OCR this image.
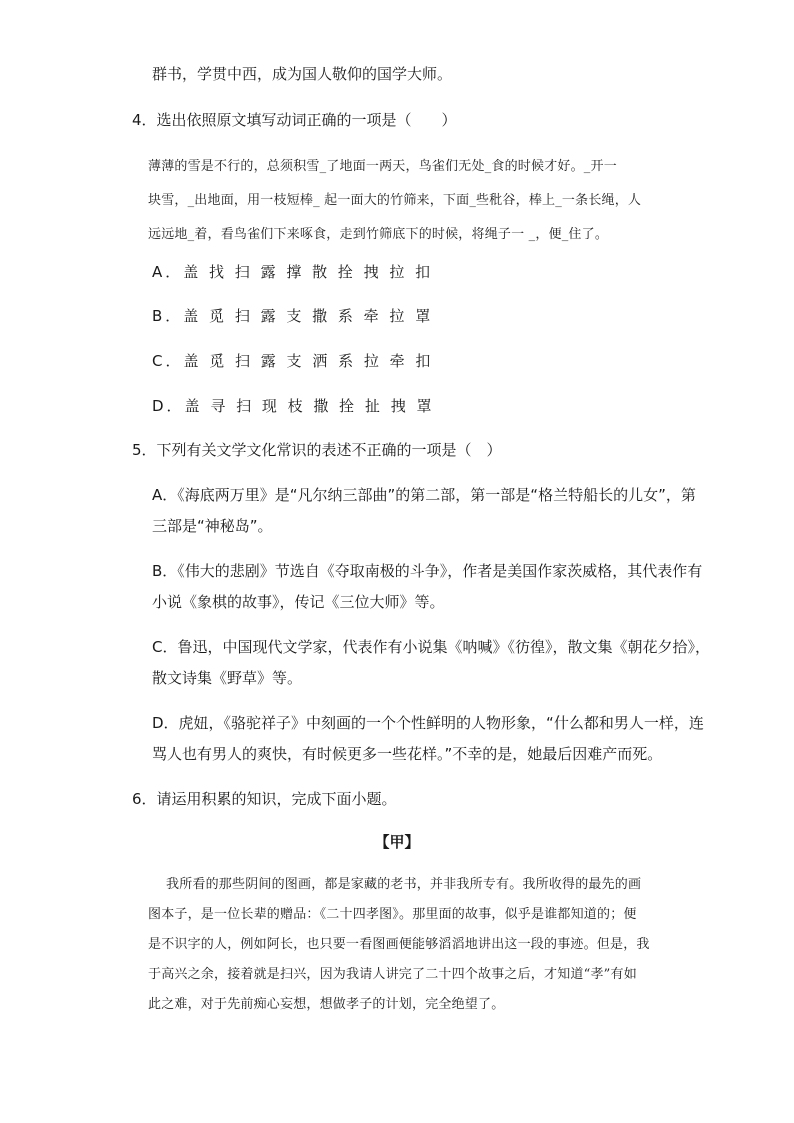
群书，学贯中西，成为国人敬仰的国学大师。
4．选出依照原文填写动词正确的一项是（　　）

薄薄的雪是不行的，总须积雪_了地面一两天，鸟雀们无处_食的时候才好。_开一

块雪，_出地面，用一枝短棒_ 起一面大的竹筛来，下面_些秕谷，棒上_一条长绳，人

远远地_着，看鸟雀们下来啄食，走到竹筛底下的时候，将绳子一 _，便_住了。

A．盖 找 扫 露 撑 散 拴 拽 拉 扣
B．盖 觅 扫 露 支 撒 系 牵 拉 罩
C．盖 觅 扫 露 支 洒 系 拉 牵 扣
D．盖 寻 扫 现 枝 撒 拴 扯 拽 罩
5．下列有关文学文化常识的表述不正确的一项是（　）
A．《海底两万里》是“凡尔纳三部曲”的第二部，第一部是“格兰特船长的儿女”，第
三部是“神秘岛”。
B．《伟大的悲剧》节选自《夺取南极的斗争》，作者是美国作家茨威格，其代表作有
小说《象棋的故事》，传记《三位大师》等。
C．鲁迅，中国现代文学家，代表作有小说集《呐喊》《彷徨》，散文集《朝花夕拾》，
散文诗集《野草》等。
D．虎妞，《骆驼祥子》中刻画的一个个性鲜明的人物形象，“什么都和男人一样，连
骂人也有男人的爽快，有时候更多一些花样。”不幸的是，她最后因难产而死。
6．请运用积累的知识，完成下面小题。
【甲】

我所看的那些阴间的图画，都是家藏的老书，并非我所专有。我所收得的最先的画

图本子，是一位长辈的赠品：《二十四孝图》。那里面的故事，似乎是谁都知道的；便

是不识字的人，例如阿长，也只要一看图画便能够滔滔地讲出这一段的事迹。但是，我

于高兴之余，接着就是扫兴，因为我请人讲完了二十四个故事之后，才知道“孝”有如

此之难，对于先前痴心妄想，想做孝子的计划，完全绝望了。
